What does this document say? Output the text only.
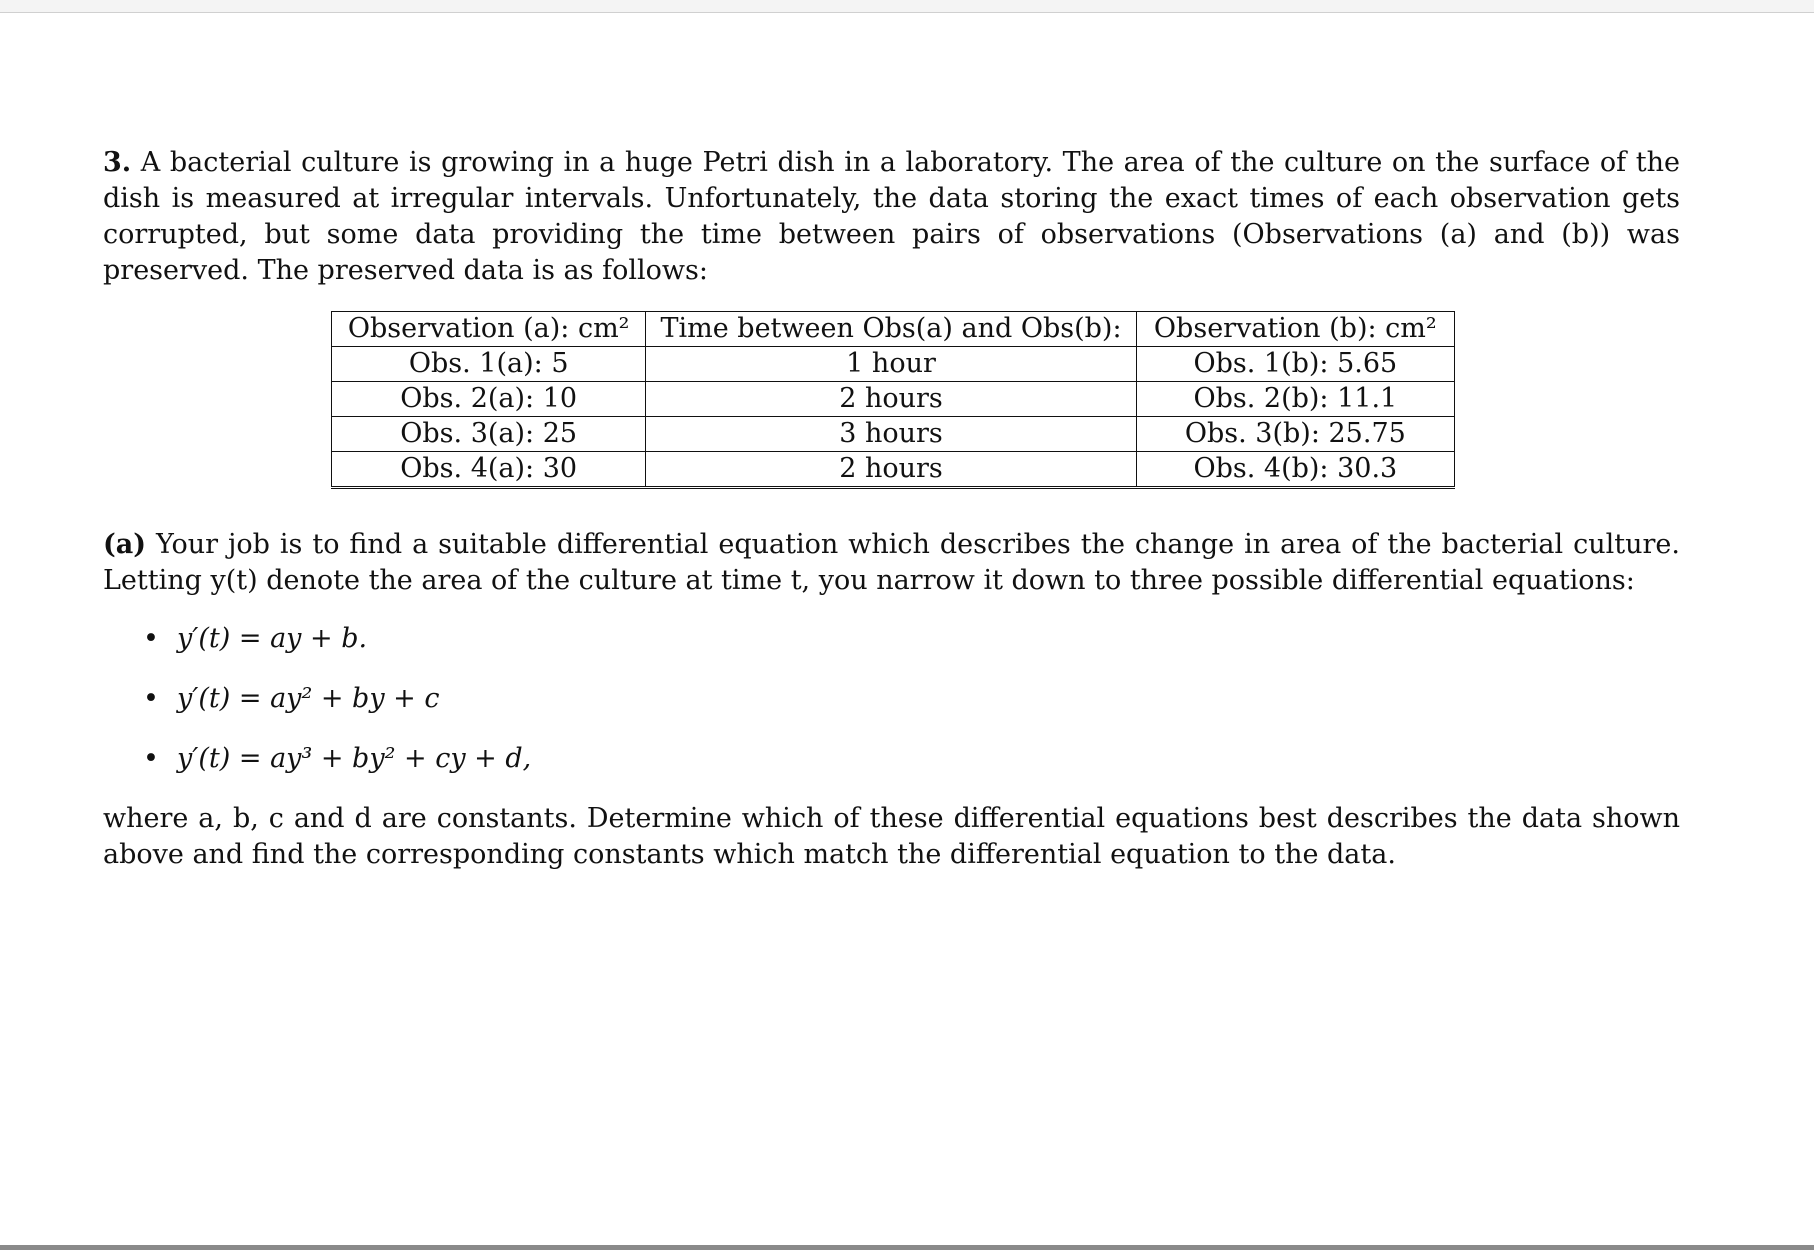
3. A bacterial culture is growing in a huge Petri dish in a laboratory. The area of the culture on the surface of the dish is measured at irregular intervals. Unfortunately, the data storing the exact times of each observation gets corrupted, but some data providing the time between pairs of observations (Observations (a) and (b)) was preserved. The preserved data is as follows:

Observation (a): cm²	Time between Obs(a) and Obs(b):	Observation (b): cm²
Obs. 1(a): 5	1 hour	Obs. 1(b): 5.65
Obs. 2(a): 10	2 hours	Obs. 2(b): 11.1
Obs. 3(a): 25	3 hours	Obs. 3(b): 25.75
Obs. 4(a): 30	2 hours	Obs. 4(b): 30.3

(a) Your job is to find a suitable differential equation which describes the change in area of the bacterial culture. Letting y(t) denote the area of the culture at time t, you narrow it down to three possible differential equations:

• y′(t) = ay + b.
• y′(t) = ay² + by + c
• y′(t) = ay³ + by² + cy + d,

where a, b, c and d are constants. Determine which of these differential equations best describes the data shown above and find the corresponding constants which match the differential equation to the data.
